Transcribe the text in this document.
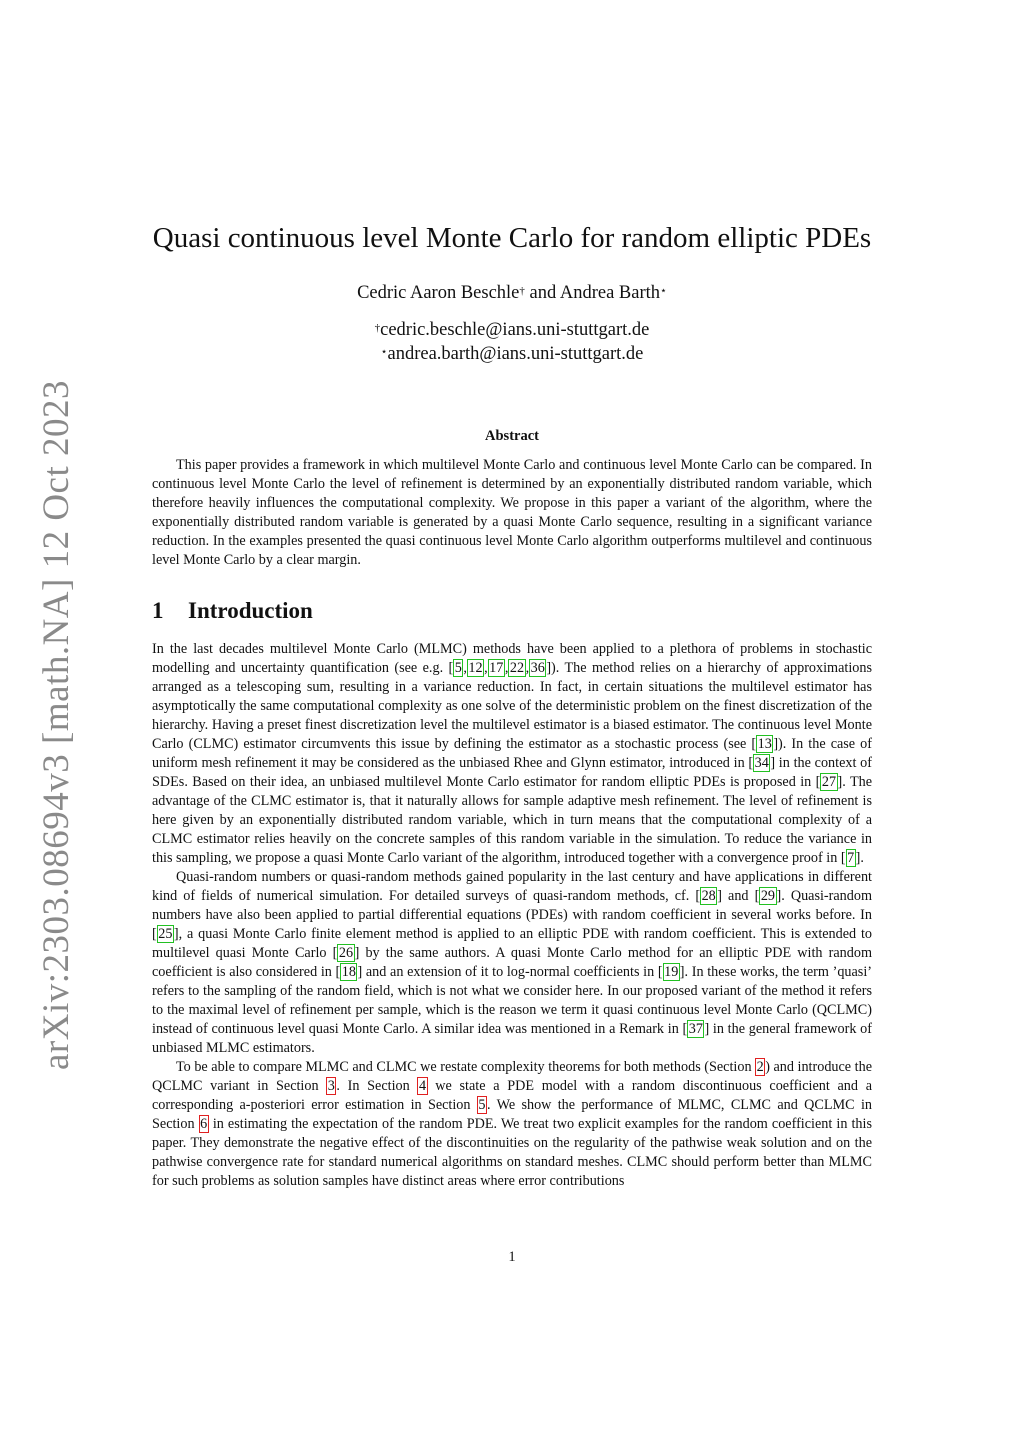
arXiv:2303.08694v3 [math.NA] 12 Oct 2023
Quasi continuous level Monte Carlo for random elliptic PDEs
Cedric Aaron Beschle† and Andrea Barth⋆
†cedric.beschle@ians.uni-stuttgart.de
⋆andrea.barth@ians.uni-stuttgart.de
Abstract

This paper provides a framework in which multilevel Monte Carlo and continuous level Monte Carlo can be compared. In continuous level Monte Carlo the level of refinement is determined by an exponentially distributed random variable, which therefore heavily influences the computational complexity. We propose in this paper a variant of the algorithm, where the exponentially distributed random variable is generated by a quasi Monte Carlo sequence, resulting in a significant variance reduction. In the examples presented the quasi continuous level Monte Carlo algorithm outperforms multilevel and continuous level Monte Carlo by a clear margin.

1 Introduction

In the last decades multilevel Monte Carlo (MLMC) methods have been applied to a plethora of problems in stochastic modelling and uncertainty quantification (see e.g. [ 5 , 12 , 17 , 22 , 36 ]). The method relies on a hierarchy of approximations arranged as a telescoping sum, resulting in a variance reduction. In fact, in certain situations the multilevel estimator has asymptotically the same computational complexity as one solve of the deterministic problem on the finest discretization of the hierarchy. Having a preset finest discretization level the multilevel estimator is a biased estimator. The continuous level Monte Carlo (CLMC) estimator circumvents this issue by defining the estimator as a stochastic process (see [ 13 ]). In the case of uniform mesh refinement it may be considered as the unbiased Rhee and Glynn estimator, introduced in [ 34 ] in the context of SDEs. Based on their idea, an unbiased multilevel Monte Carlo estimator for random elliptic PDEs is proposed in [ 27 ]. The advantage of the CLMC estimator is, that it naturally allows for sample adaptive mesh refinement. The level of refinement is here given by an exponentially distributed random variable, which in turn means that the computational complexity of a CLMC estimator relies heavily on the concrete samples of this random variable in the simulation. To reduce the variance in this sampling, we propose a quasi Monte Carlo variant of the algorithm, introduced together with a convergence proof in [ 7 ].

Quasi-random numbers or quasi-random methods gained popularity in the last century and have applications in different kind of fields of numerical simulation. For detailed surveys of quasi-random methods, cf. [ 28 ] and [ 29 ]. Quasi-random numbers have also been applied to partial differential equations (PDEs) with random coefficient in several works before. In [ 25 ], a quasi Monte Carlo finite element method is applied to an elliptic PDE with random coefficient. This is extended to multilevel quasi Monte Carlo [ 26 ] by the same authors. A quasi Monte Carlo method for an elliptic PDE with random coefficient is also considered in [ 18 ] and an extension of it to log-normal coefficients in [ 19 ]. In these works, the term ’quasi’ refers to the sampling of the random field, which is not what we consider here. In our proposed variant of the method it refers to the maximal level of refinement per sample, which is the reason we term it quasi continuous level Monte Carlo (QCLMC) instead of continuous level quasi Monte Carlo. A similar idea was mentioned in a Remark in [ 37 ] in the general framework of unbiased MLMC estimators.

To be able to compare MLMC and CLMC we restate complexity theorems for both methods (Section 2 ) and introduce the QCLMC variant in Section 3 . In Section 4 we state a PDE model with a random discontinuous coefficient and a corresponding a-posteriori error estimation in Section 5 . We show the performance of MLMC, CLMC and QCLMC in Section 6 in estimating the expectation of the random PDE. We treat two explicit examples for the random coefficient in this paper. They demonstrate the negative effect of the discontinuities on the regularity of the pathwise weak solution and on the pathwise convergence rate for standard numerical algorithms on standard meshes. CLMC should perform better than MLMC for such problems as solution samples have distinct areas where error contributions

1
